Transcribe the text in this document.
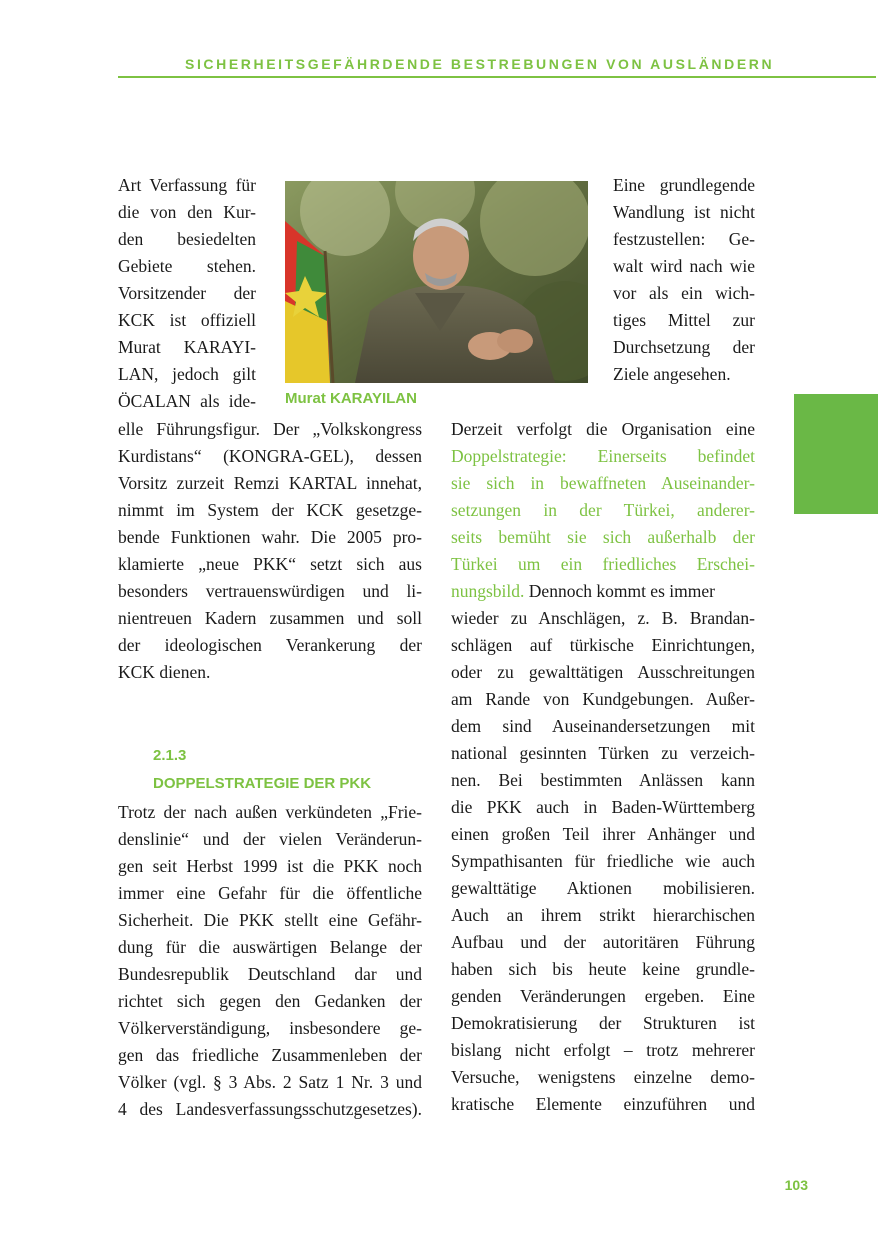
SICHERHEITSGEFÄHRDENDE BESTREBUNGEN VON AUSLÄNDERN
Murat KARAYILAN
Art Verfassung für
die von den Kur-
den besiedelten
Gebiete stehen.
Vorsitzender der
KCK ist offiziell
Murat KARAYI-
LAN, jedoch gilt
ÖCALAN als ide-
elle Führungsfigur. Der „Volkskongress
Kurdistans“ (KONGRA-GEL), dessen
Vorsitz zurzeit Remzi KARTAL innehat,
nimmt im System der KCK gesetzge-
bende Funktionen wahr. Die 2005 pro-
klamierte „neue PKK“ setzt sich aus
besonders vertrauenswürdigen und li-
nientreuen Kadern zusammen und soll
der ideologischen Verankerung der
KCK dienen.
2.1.3
DOPPELSTRATEGIE DER PKK
Trotz der nach außen verkündeten „Frie-
denslinie“ und der vielen Veränderun-
gen seit Herbst 1999 ist die PKK noch
immer eine Gefahr für die öffentliche
Sicherheit. Die PKK stellt eine Gefähr-
dung für die auswärtigen Belange der
Bundesrepublik Deutschland dar und
richtet sich gegen den Gedanken der
Völkerverständigung, insbesondere ge-
gen das friedliche Zusammenleben der
Völker (vgl. § 3 Abs. 2 Satz 1 Nr. 3 und
4 des Landesverfassungsschutzgesetzes).
Eine grundlegende
Wandlung ist nicht
festzustellen: Ge-
walt wird nach wie
vor als ein wich-
tiges Mittel zur
Durchsetzung der
Ziele angesehen.
Derzeit verfolgt die Organisation eine
Doppelstrategie: Einerseits befindet
sie sich in bewaffneten Auseinander-
setzungen in der Türkei, anderer-
seits bemüht sie sich außerhalb der
Türkei um ein friedliches Erschei-
nungsbild. Dennoch kommt es immer
wieder zu Anschlägen, z. B. Brandan-
schlägen auf türkische Einrichtungen,
oder zu gewalttätigen Ausschreitungen
am Rande von Kundgebungen. Außer-
dem sind Auseinandersetzungen mit
national gesinnten Türken zu verzeich-
nen. Bei bestimmten Anlässen kann
die PKK auch in Baden-Württemberg
einen großen Teil ihrer Anhänger und
Sympathisanten für friedliche wie auch
gewalttätige Aktionen mobilisieren.
Auch an ihrem strikt hierarchischen
Aufbau und der autoritären Führung
haben sich bis heute keine grundle-
genden Veränderungen ergeben. Eine
Demokratisierung der Strukturen ist
bislang nicht erfolgt – trotz mehrerer
Versuche, wenigstens einzelne demo-
kratische Elemente einzuführen und
103
